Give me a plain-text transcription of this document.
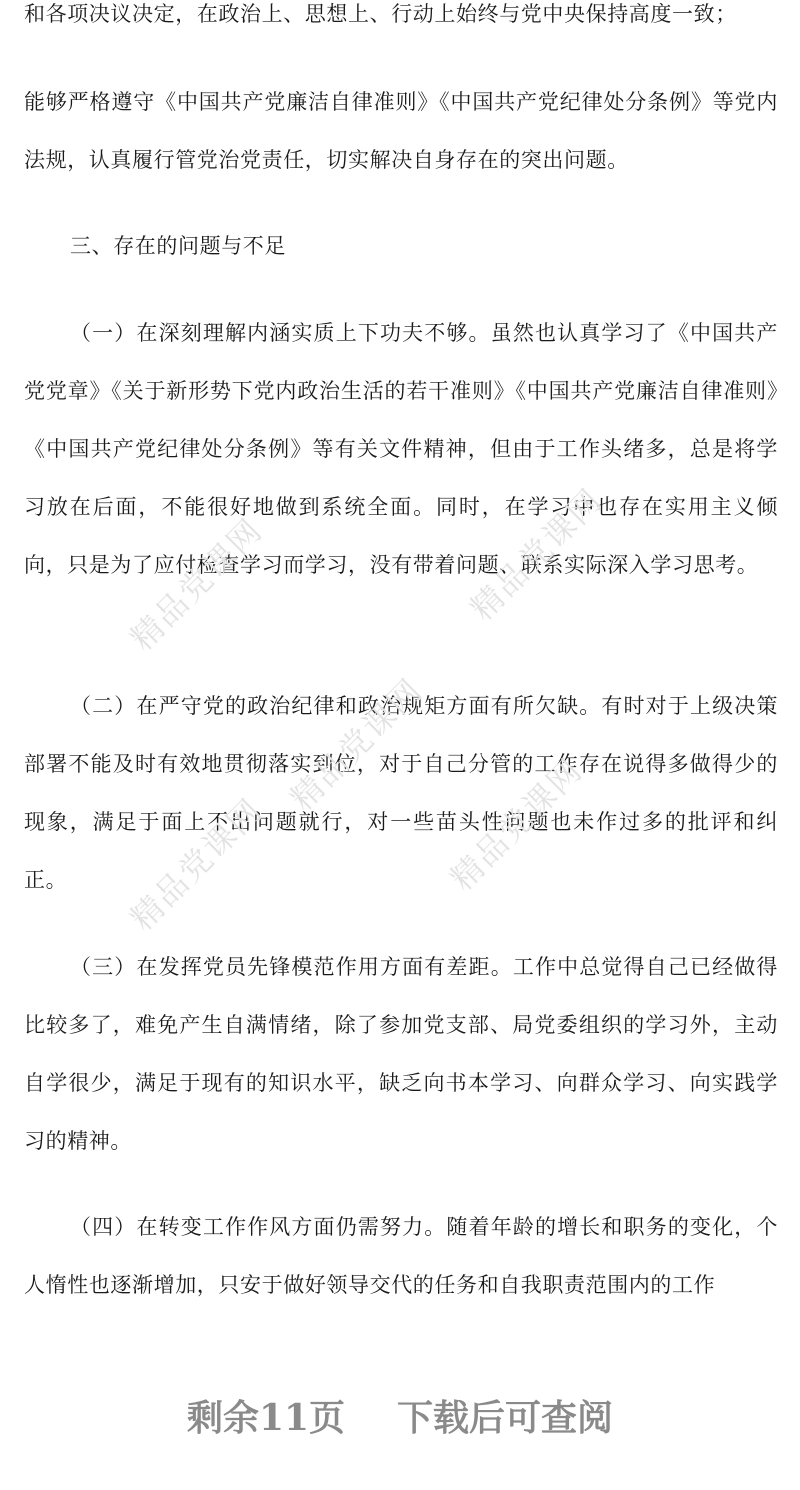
和各项决议决定，在政治上、思想上、行动上始终与党中央保持高度一致；

能够严格遵守《中国共产党廉洁自律准则》《中国共产党纪律处分条例》等党内法规，认真履行管党治党责任，切实解决自身存在的突出问题。

三、存在的问题与不足

（一）在深刻理解内涵实质上下功夫不够。虽然也认真学习了《中国共产党党章》《关于新形势下党内政治生活的若干准则》《中国共产党廉洁自律准则》《中国共产党纪律处分条例》等有关文件精神，但由于工作头绪多，总是将学习放在后面，不能很好地做到系统全面。同时，在学习中也存在实用主义倾向，只是为了应付检查学习而学习，没有带着问题、联系实际深入学习思考。

（二）在严守党的政治纪律和政治规矩方面有所欠缺。有时对于上级决策部署不能及时有效地贯彻落实到位，对于自己分管的工作存在说得多做得少的现象，满足于面上不出问题就行，对一些苗头性问题也未作过多的批评和纠正。

（三）在发挥党员先锋模范作用方面有差距。工作中总觉得自己已经做得比较多了，难免产生自满情绪，除了参加党支部、局党委组织的学习外，主动自学很少，满足于现有的知识水平，缺乏向书本学习、向群众学习、向实践学习的精神。

（四）在转变工作作风方面仍需努力。随着年龄的增长和职务的变化，个人惰性也逐渐增加，只安于做好领导交代的任务和自我职责范围内的工作

精品党课网	精品党课网
精品党课网
精品党课网	精品党课网
剩余11页 下载后可查阅
